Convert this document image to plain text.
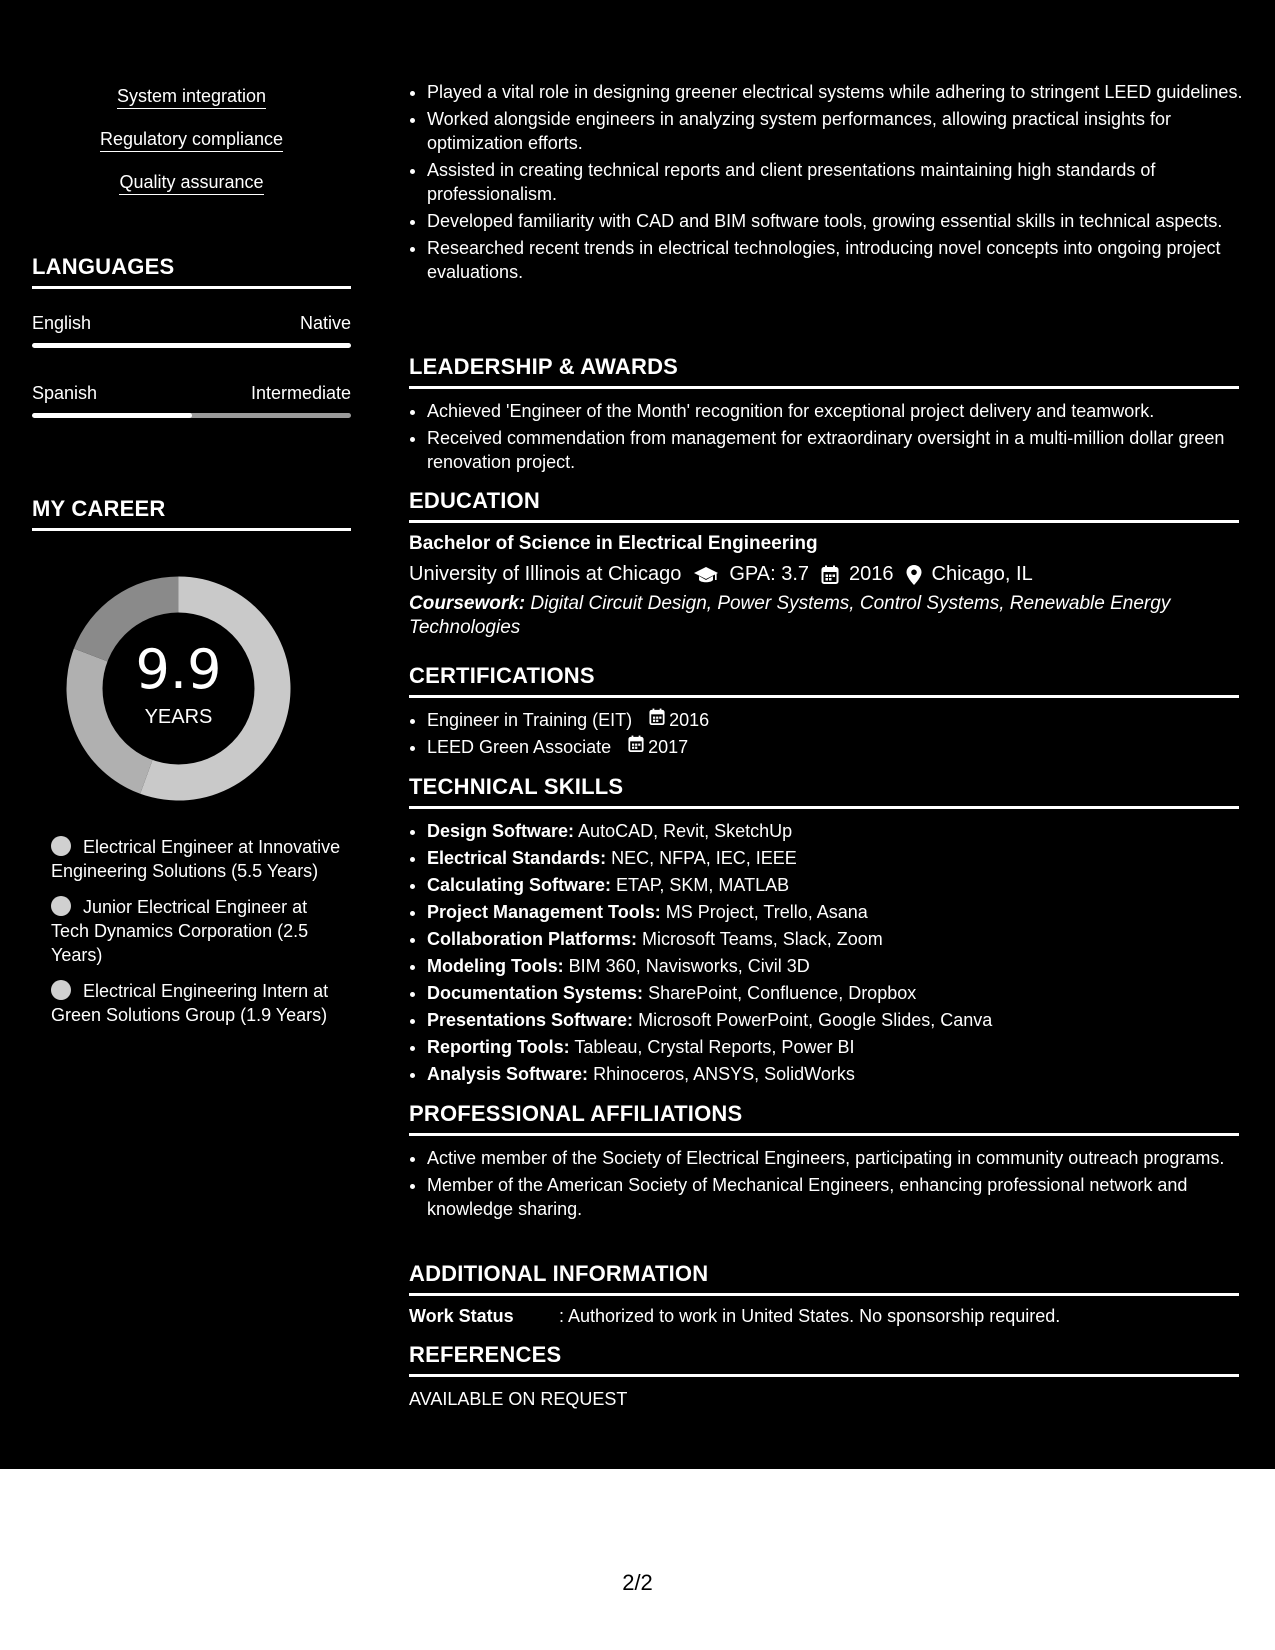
System integration
Regulatory compliance
Quality assurance
LANGUAGES
English	Native
Spanish	Intermediate
MY CAREER
9.9
YEARS
Electrical Engineer at Innovative Engineering Solutions (5.5 Years)
Junior Electrical Engineer at Tech Dynamics Corporation (2.5 Years)
Electrical Engineering Intern at Green Solutions Group (1.9 Years)
• Played a vital role in designing greener electrical systems while adhering to stringent LEED guidelines.
• Worked alongside engineers in analyzing system performances, allowing practical insights for optimization efforts.
• Assisted in creating technical reports and client presentations maintaining high standards of professionalism.
• Developed familiarity with CAD and BIM software tools, growing essential skills in technical aspects.
• Researched recent trends in electrical technologies, introducing novel concepts into ongoing project evaluations.
LEADERSHIP & AWARDS
• Achieved 'Engineer of the Month' recognition for exceptional project delivery and teamwork.
• Received commendation from management for extraordinary oversight in a multi-million dollar green renovation project.
EDUCATION
Bachelor of Science in Electrical Engineering
University of Illinois at Chicago GPA: 3.7 2016 Chicago, IL
Coursework: Digital Circuit Design, Power Systems, Control Systems, Renewable Energy Technologies
CERTIFICATIONS
• Engineer in Training (EIT) 2016
• LEED Green Associate 2017
TECHNICAL SKILLS
• Design Software: AutoCAD, Revit, SketchUp
• Electrical Standards: NEC, NFPA, IEC, IEEE
• Calculating Software: ETAP, SKM, MATLAB
• Project Management Tools: MS Project, Trello, Asana
• Collaboration Platforms: Microsoft Teams, Slack, Zoom
• Modeling Tools: BIM 360, Navisworks, Civil 3D
• Documentation Systems: SharePoint, Confluence, Dropbox
• Presentations Software: Microsoft PowerPoint, Google Slides, Canva
• Reporting Tools: Tableau, Crystal Reports, Power BI
• Analysis Software: Rhinoceros, ANSYS, SolidWorks
PROFESSIONAL AFFILIATIONS
• Active member of the Society of Electrical Engineers, participating in community outreach programs.
• Member of the American Society of Mechanical Engineers, enhancing professional network and knowledge sharing.
ADDITIONAL INFORMATION
Work Status	: Authorized to work in United States. No sponsorship required.
REFERENCES
AVAILABLE ON REQUEST
2/2
